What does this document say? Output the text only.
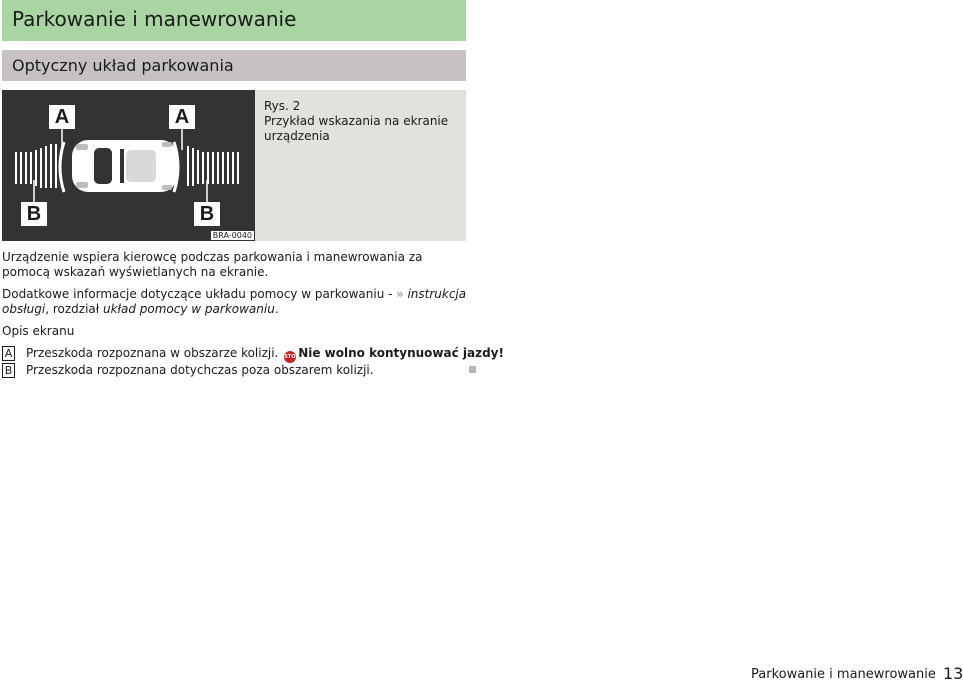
Parkowanie i manewrowanie
Optyczny układ parkowania
A	A
B	B
BRA-0040
Rys. 2
Przykład wskazania na ekranie urządzenia
Urządzenie wspiera kierowcę podczas parkowania i manewrowania za pomocą wskazań wyświetlanych na ekranie.
Dodatkowe informacje dotyczące układu pomocy w parkowaniu - » instrukcja obsługi, rozdział układ pomocy w parkowaniu.
Opis ekranu
A Przeszkoda rozpoznana w obszarze kolizji. STOPNie wolno kontynuować jazdy!
B Przeszkoda rozpoznana dotychczas poza obszarem kolizji.
Parkowanie i manewrowanie 13
